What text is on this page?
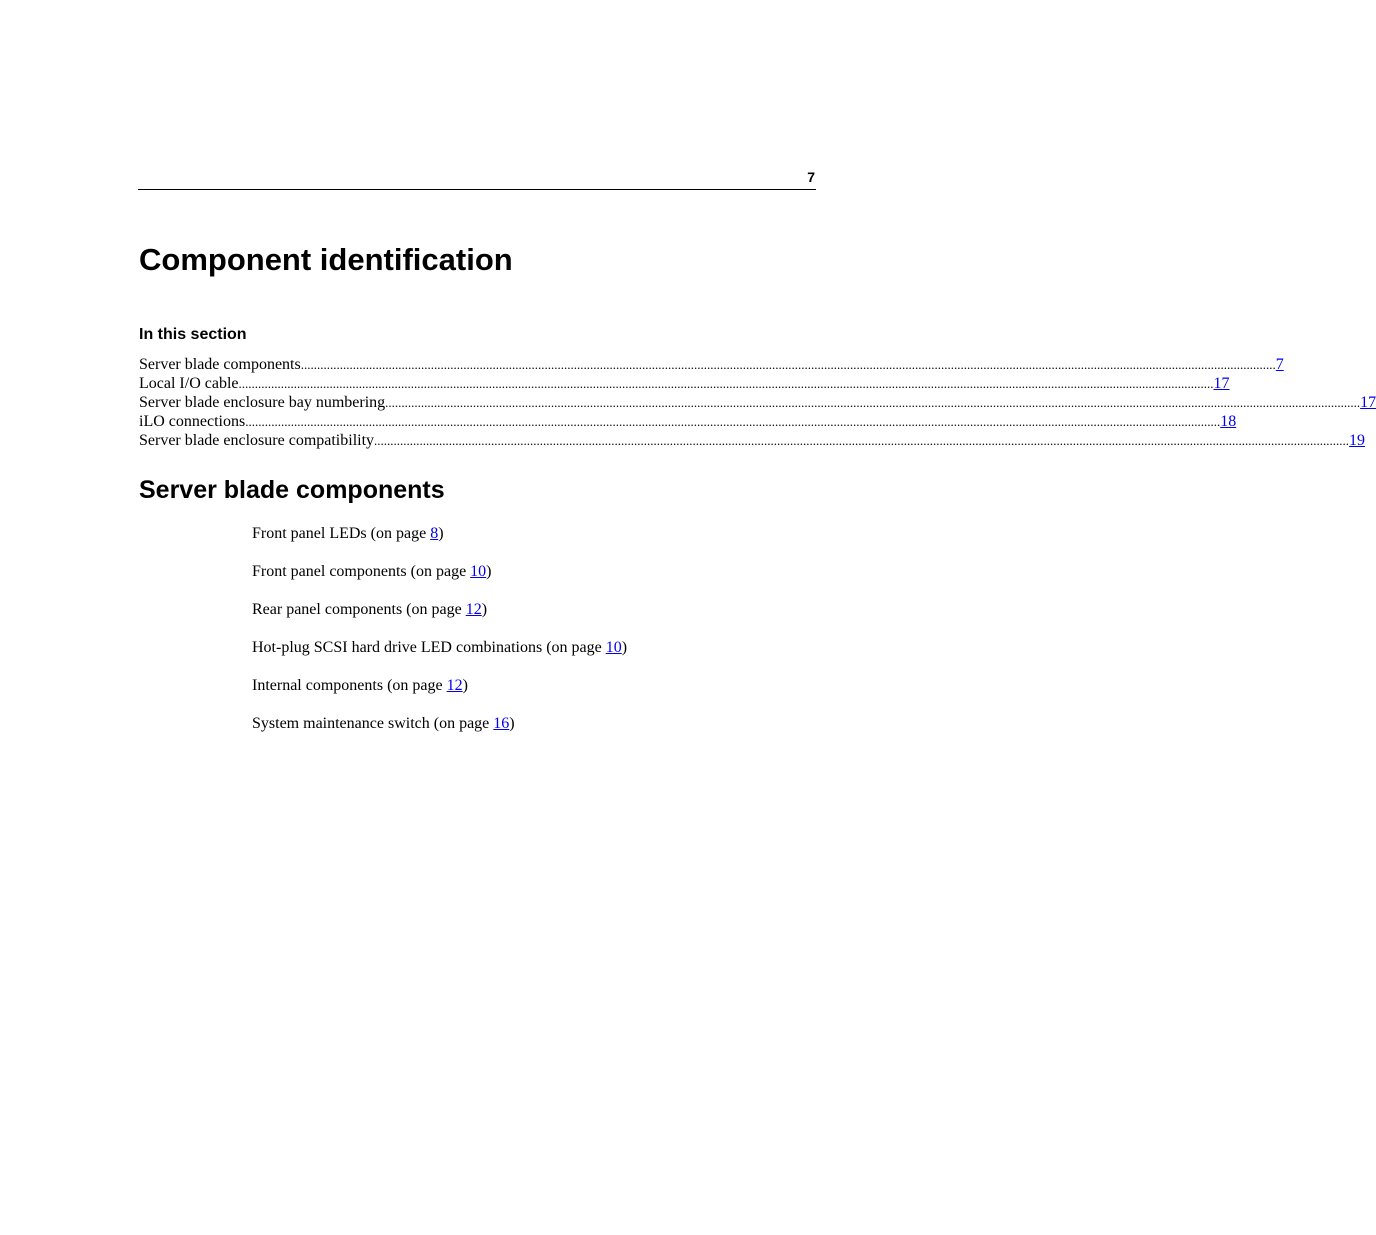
7
Component identification
In this section
Server blade components ............................................................................................................................................................................................................................................................................................................ 7
Local I/O cable ............................................................................................................................................................................................................................................................................................................ 17
Server blade enclosure bay numbering ............................................................................................................................................................................................................................................................................................................ 17
iLO connections ............................................................................................................................................................................................................................................................................................................ 18
Server blade enclosure compatibility ............................................................................................................................................................................................................................................................................................................ 19
Server blade components
Front panel LEDs (on page 8)
Front panel components (on page 10)
Rear panel components (on page 12)
Hot-plug SCSI hard drive LED combinations (on page 10)
Internal components (on page 12)
System maintenance switch (on page 16)
